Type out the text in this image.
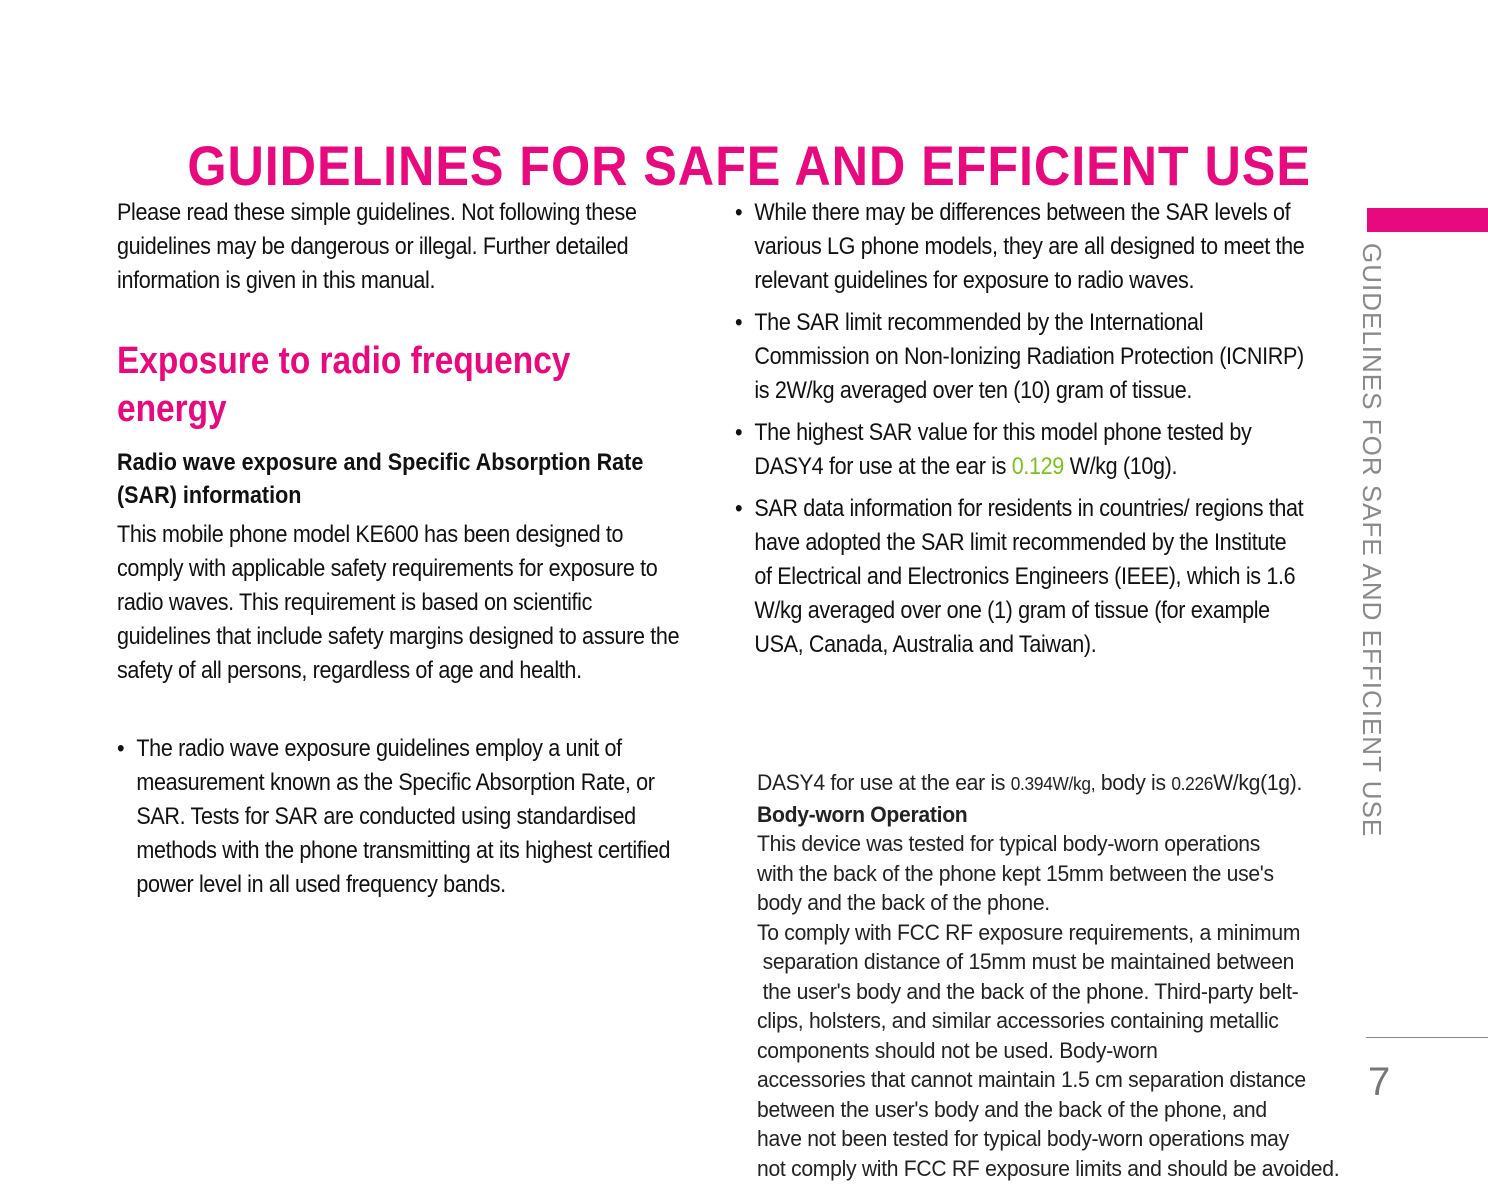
GUIDELINES FOR SAFE AND EFFICIENT USE

Please read these simple guidelines. Not following these guidelines may be dangerous or illegal. Further detailed information is given in this manual.

Exposure to radio frequency energy
Radio wave exposure and Specific Absorption Rate (SAR) information

This mobile phone model KE600 has been designed to comply with applicable safety requirements for exposure to radio waves. This requirement is based on scientific guidelines that include safety margins designed to assure the safety of all persons, regardless of age and health.

• The radio wave exposure guidelines employ a unit of measurement known as the Specific Absorption Rate, or SAR. Tests for SAR are conducted using standardised methods with the phone transmitting at its highest certified power level in all used frequency bands.
• While there may be differences between the SAR levels of various LG phone models, they are all designed to meet the relevant guidelines for exposure to radio waves.
• The SAR limit recommended by the International Commission on Non-Ionizing Radiation Protection (ICNIRP) is 2W/kg averaged over ten (10) gram of tissue.
• The highest SAR value for this model phone tested by DASY4 for use at the ear is 0.129 W/kg (10g).
• SAR data information for residents in countries/ regions that have adopted the SAR limit recommended by the Institute of Electrical and Electronics Engineers (IEEE), which is 1.6 W/kg averaged over one (1) gram of tissue (for example USA, Canada, Australia and Taiwan).

DASY4 for use at the ear is 0.394W/kg, body is 0.226W/kg(1g).

Body-worn Operation

This device was tested for typical body-worn operations

with the back of the phone kept 15mm between the use's

body and the back of the phone.

To comply with FCC RF exposure requirements, a minimum

separation distance of 15mm must be maintained between

the user's body and the back of the phone. Third-party belt-

clips, holsters, and similar accessories containing metallic

components should not be used. Body-worn

accessories that cannot maintain 1.5 cm separation distance

between the user's body and the back of the phone, and

have not been tested for typical body-worn operations may

not comply with FCC RF exposure limits and should be avoided.

GUIDELINES FOR SAFE AND EFFICIENT USE
7
